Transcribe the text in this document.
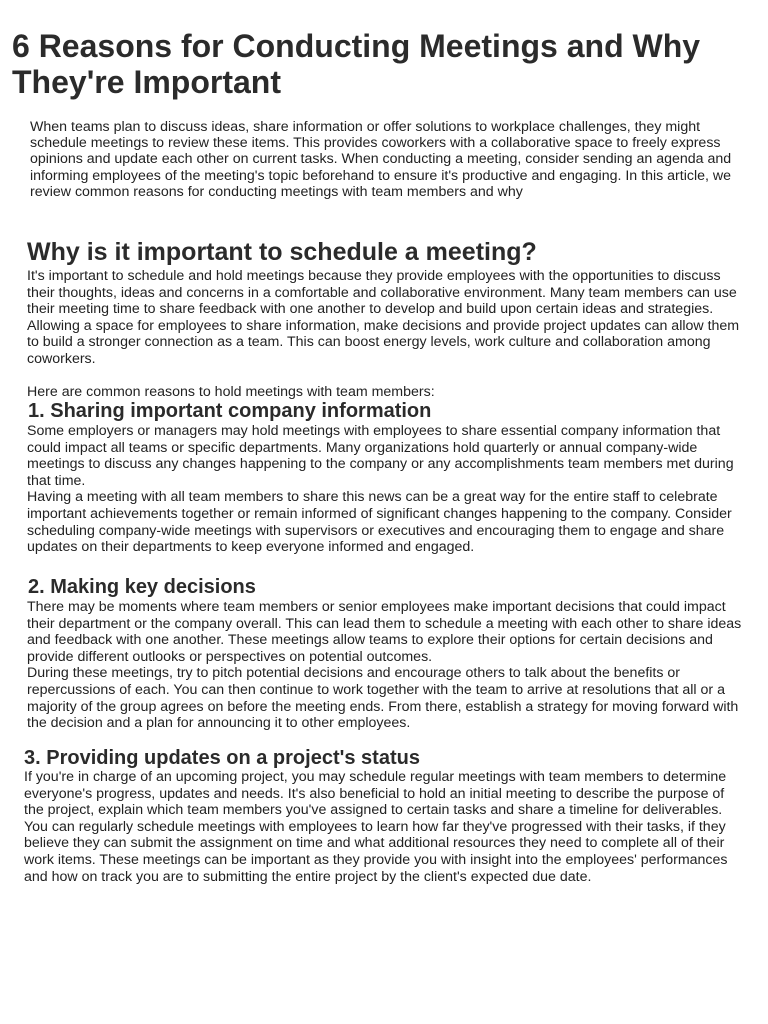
6 Reasons for Conducting Meetings and Why They're Important

When teams plan to discuss ideas, share information or offer solutions to workplace challenges, they might schedule meetings to review these items. This provides coworkers with a collaborative space to freely express opinions and update each other on current tasks. When conducting a meeting, consider sending an agenda and informing employees of the meeting's topic beforehand to ensure it's productive and engaging. In this article, we review common reasons for conducting meetings with team members and why

Why is it important to schedule a meeting?

It's important to schedule and hold meetings because they provide employees with the opportunities to discuss their thoughts, ideas and concerns in a comfortable and collaborative environment. Many team members can use their meeting time to share feedback with one another to develop and build upon certain ideas and strategies. Allowing a space for employees to share information, make decisions and provide project updates can allow them to build a stronger connection as a team. This can boost energy levels, work culture and collaboration among coworkers.

Here are common reasons to hold meetings with team members:

1. Sharing important company information

Some employers or managers may hold meetings with employees to share essential company information that could impact all teams or specific departments. Many organizations hold quarterly or annual company-wide meetings to discuss any changes happening to the company or any accomplishments team members met during that time.

Having a meeting with all team members to share this news can be a great way for the entire staff to celebrate important achievements together or remain informed of significant changes happening to the company. Consider scheduling company-wide meetings with supervisors or executives and encouraging them to engage and share updates on their departments to keep everyone informed and engaged.

2. Making key decisions

There may be moments where team members or senior employees make important decisions that could impact their department or the company overall. This can lead them to schedule a meeting with each other to share ideas and feedback with one another. These meetings allow teams to explore their options for certain decisions and provide different outlooks or perspectives on potential outcomes.

During these meetings, try to pitch potential decisions and encourage others to talk about the benefits or repercussions of each. You can then continue to work together with the team to arrive at resolutions that all or a majority of the group agrees on before the meeting ends. From there, establish a strategy for moving forward with the decision and a plan for announcing it to other employees.

3. Providing updates on a project's status

If you're in charge of an upcoming project, you may schedule regular meetings with team members to determine everyone's progress, updates and needs. It's also beneficial to hold an initial meeting to describe the purpose of the project, explain which team members you've assigned to certain tasks and share a timeline for deliverables.

You can regularly schedule meetings with employees to learn how far they've progressed with their tasks, if they believe they can submit the assignment on time and what additional resources they need to complete all of their work items. These meetings can be important as they provide you with insight into the employees' performances and how on track you are to submitting the entire project by the client's expected due date.
